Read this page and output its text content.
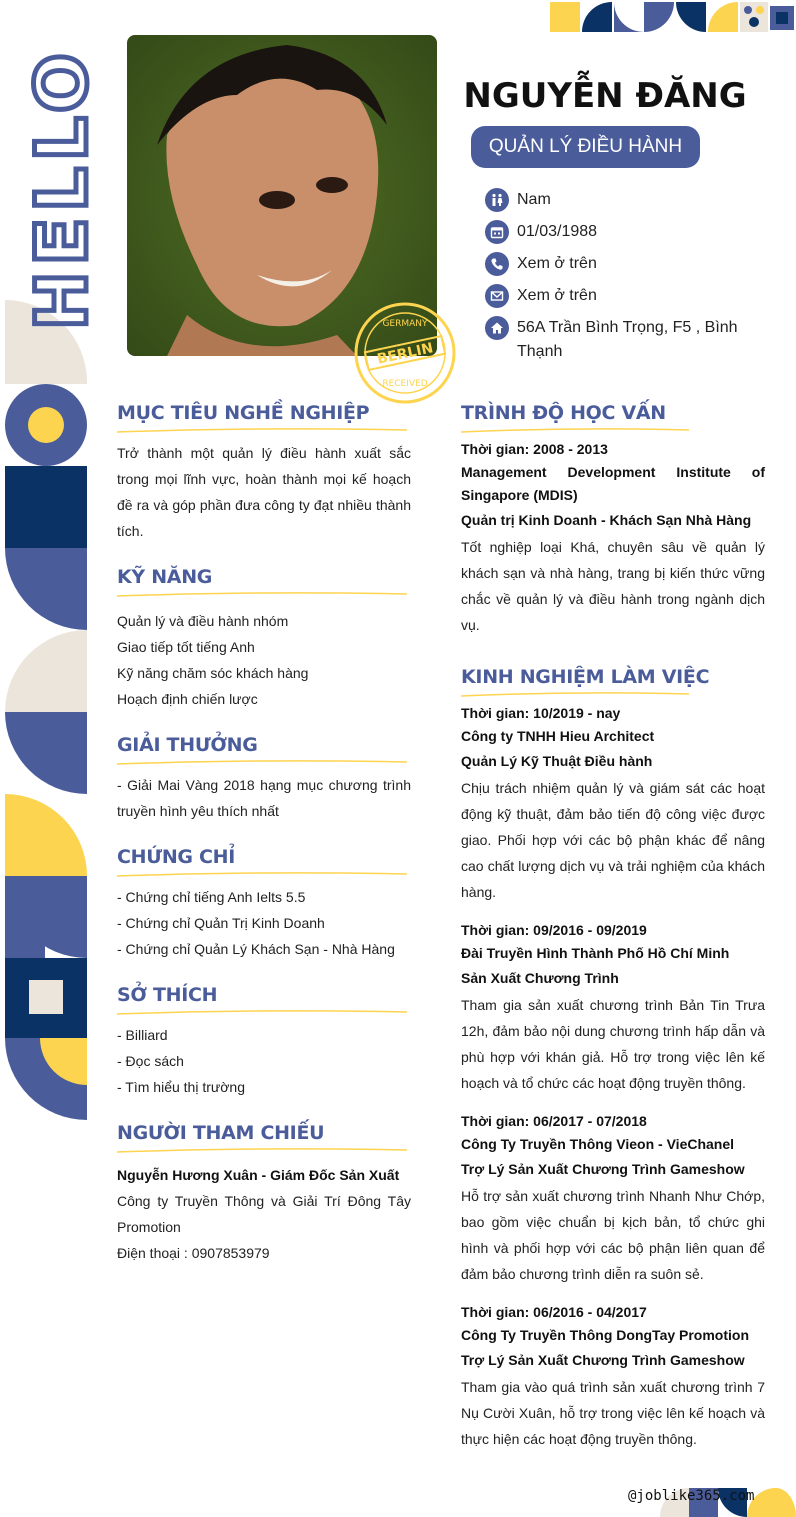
HELLO	GERMANY
BERLIN
RECEIVED
NGUYỄN ĐĂNG
QUẢN LÝ ĐIỀU HÀNH
Nam
01/03/1988
Xem ở trên
Xem ở trên
56A Trần Bình Trọng, F5 , Bình Thạnh
MỤC TIÊU NGHỀ NGHIỆP
Trở thành một quản lý điều hành xuất sắc trong mọi lĩnh vực, hoàn thành mọi kế hoạch đề ra và góp phần đưa công ty đạt nhiều thành tích.
KỸ NĂNG
Quản lý và điều hành nhóm
Giao tiếp tốt tiếng Anh
Kỹ năng chăm sóc khách hàng
Hoạch định chiến lược
GIẢI THƯỞNG
- Giải Mai Vàng 2018 hạng mục chương trình truyền hình yêu thích nhất
CHỨNG CHỈ
- Chứng chỉ tiếng Anh Ielts 5.5
- Chứng chỉ Quản Trị Kinh Doanh
- Chứng chỉ Quản Lý Khách Sạn - Nhà Hàng
SỞ THÍCH
- Billiard
- Đọc sách
- Tìm hiểu thị trường
NGƯỜI THAM CHIẾU
Nguyễn Hương Xuân - Giám Đốc Sản Xuất
Công ty Truyền Thông và Giải Trí Đông Tây Promotion
Điện thoại : 0907853979
TRÌNH ĐỘ HỌC VẤN
Thời gian: 2008 - 2013
Management Development Institute of Singapore (MDIS)
Quản trị Kinh Doanh - Khách Sạn Nhà Hàng
Tốt nghiệp loại Khá, chuyên sâu về quản lý khách sạn và nhà hàng, trang bị kiến thức vững chắc về quản lý và điều hành trong ngành dịch vụ.
KINH NGHIỆM LÀM VIỆC
Thời gian: 10/2019 - nay
Công ty TNHH Hieu Architect
Quản Lý Kỹ Thuật Điều hành
Chịu trách nhiệm quản lý và giám sát các hoạt động kỹ thuật, đảm bảo tiến độ công việc được giao. Phối hợp với các bộ phận khác để nâng cao chất lượng dịch vụ và trải nghiệm của khách hàng.
Thời gian: 09/2016 - 09/2019
Đài Truyền Hình Thành Phố Hồ Chí Minh
Sản Xuất Chương Trình
Tham gia sản xuất chương trình Bản Tin Trưa 12h, đảm bảo nội dung chương trình hấp dẫn và phù hợp với khán giả. Hỗ trợ trong việc lên kế hoạch và tổ chức các hoạt động truyền thông.
Thời gian: 06/2017 - 07/2018
Công Ty Truyền Thông Vieon - VieChanel
Trợ Lý Sản Xuất Chương Trình Gameshow
Hỗ trợ sản xuất chương trình Nhanh Như Chớp, bao gồm việc chuẩn bị kịch bản, tổ chức ghi hình và phối hợp với các bộ phận liên quan để đảm bảo chương trình diễn ra suôn sẻ.
Thời gian: 06/2016 - 04/2017
Công Ty Truyền Thông DongTay Promotion
Trợ Lý Sản Xuất Chương Trình Gameshow
Tham gia vào quá trình sản xuất chương trình 7 Nụ Cười Xuân, hỗ trợ trong việc lên kế hoạch và thực hiện các hoạt động truyền thông.
@joblike365.com
